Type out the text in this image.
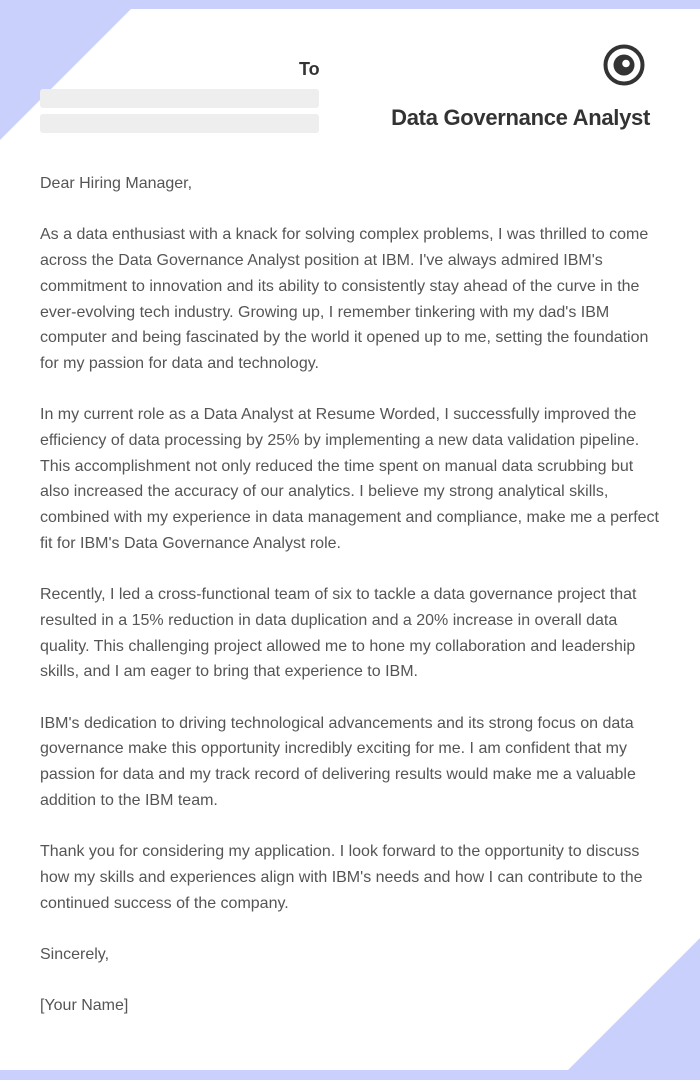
To
Data Governance Analyst

Dear Hiring Manager,

As a data enthusiast with a knack for solving complex problems, I was thrilled to come across the Data Governance Analyst position at IBM. I've always admired IBM's commitment to innovation and its ability to consistently stay ahead of the curve in the ever-evolving tech industry. Growing up, I remember tinkering with my dad's IBM computer and being fascinated by the world it opened up to me, setting the foundation for my passion for data and technology.

In my current role as a Data Analyst at Resume Worded, I successfully improved the efficiency of data processing by 25% by implementing a new data validation pipeline. This accomplishment not only reduced the time spent on manual data scrubbing but also increased the accuracy of our analytics. I believe my strong analytical skills, combined with my experience in data management and compliance, make me a perfect fit for IBM's Data Governance Analyst role.

Recently, I led a cross-functional team of six to tackle a data governance project that resulted in a 15% reduction in data duplication and a 20% increase in overall data quality. This challenging project allowed me to hone my collaboration and leadership skills, and I am eager to bring that experience to IBM.

IBM's dedication to driving technological advancements and its strong focus on data governance make this opportunity incredibly exciting for me. I am confident that my passion for data and my track record of delivering results would make me a valuable addition to the IBM team.

Thank you for considering my application. I look forward to the opportunity to discuss how my skills and experiences align with IBM's needs and how I can contribute to the continued success of the company.

Sincerely,

[Your Name]
